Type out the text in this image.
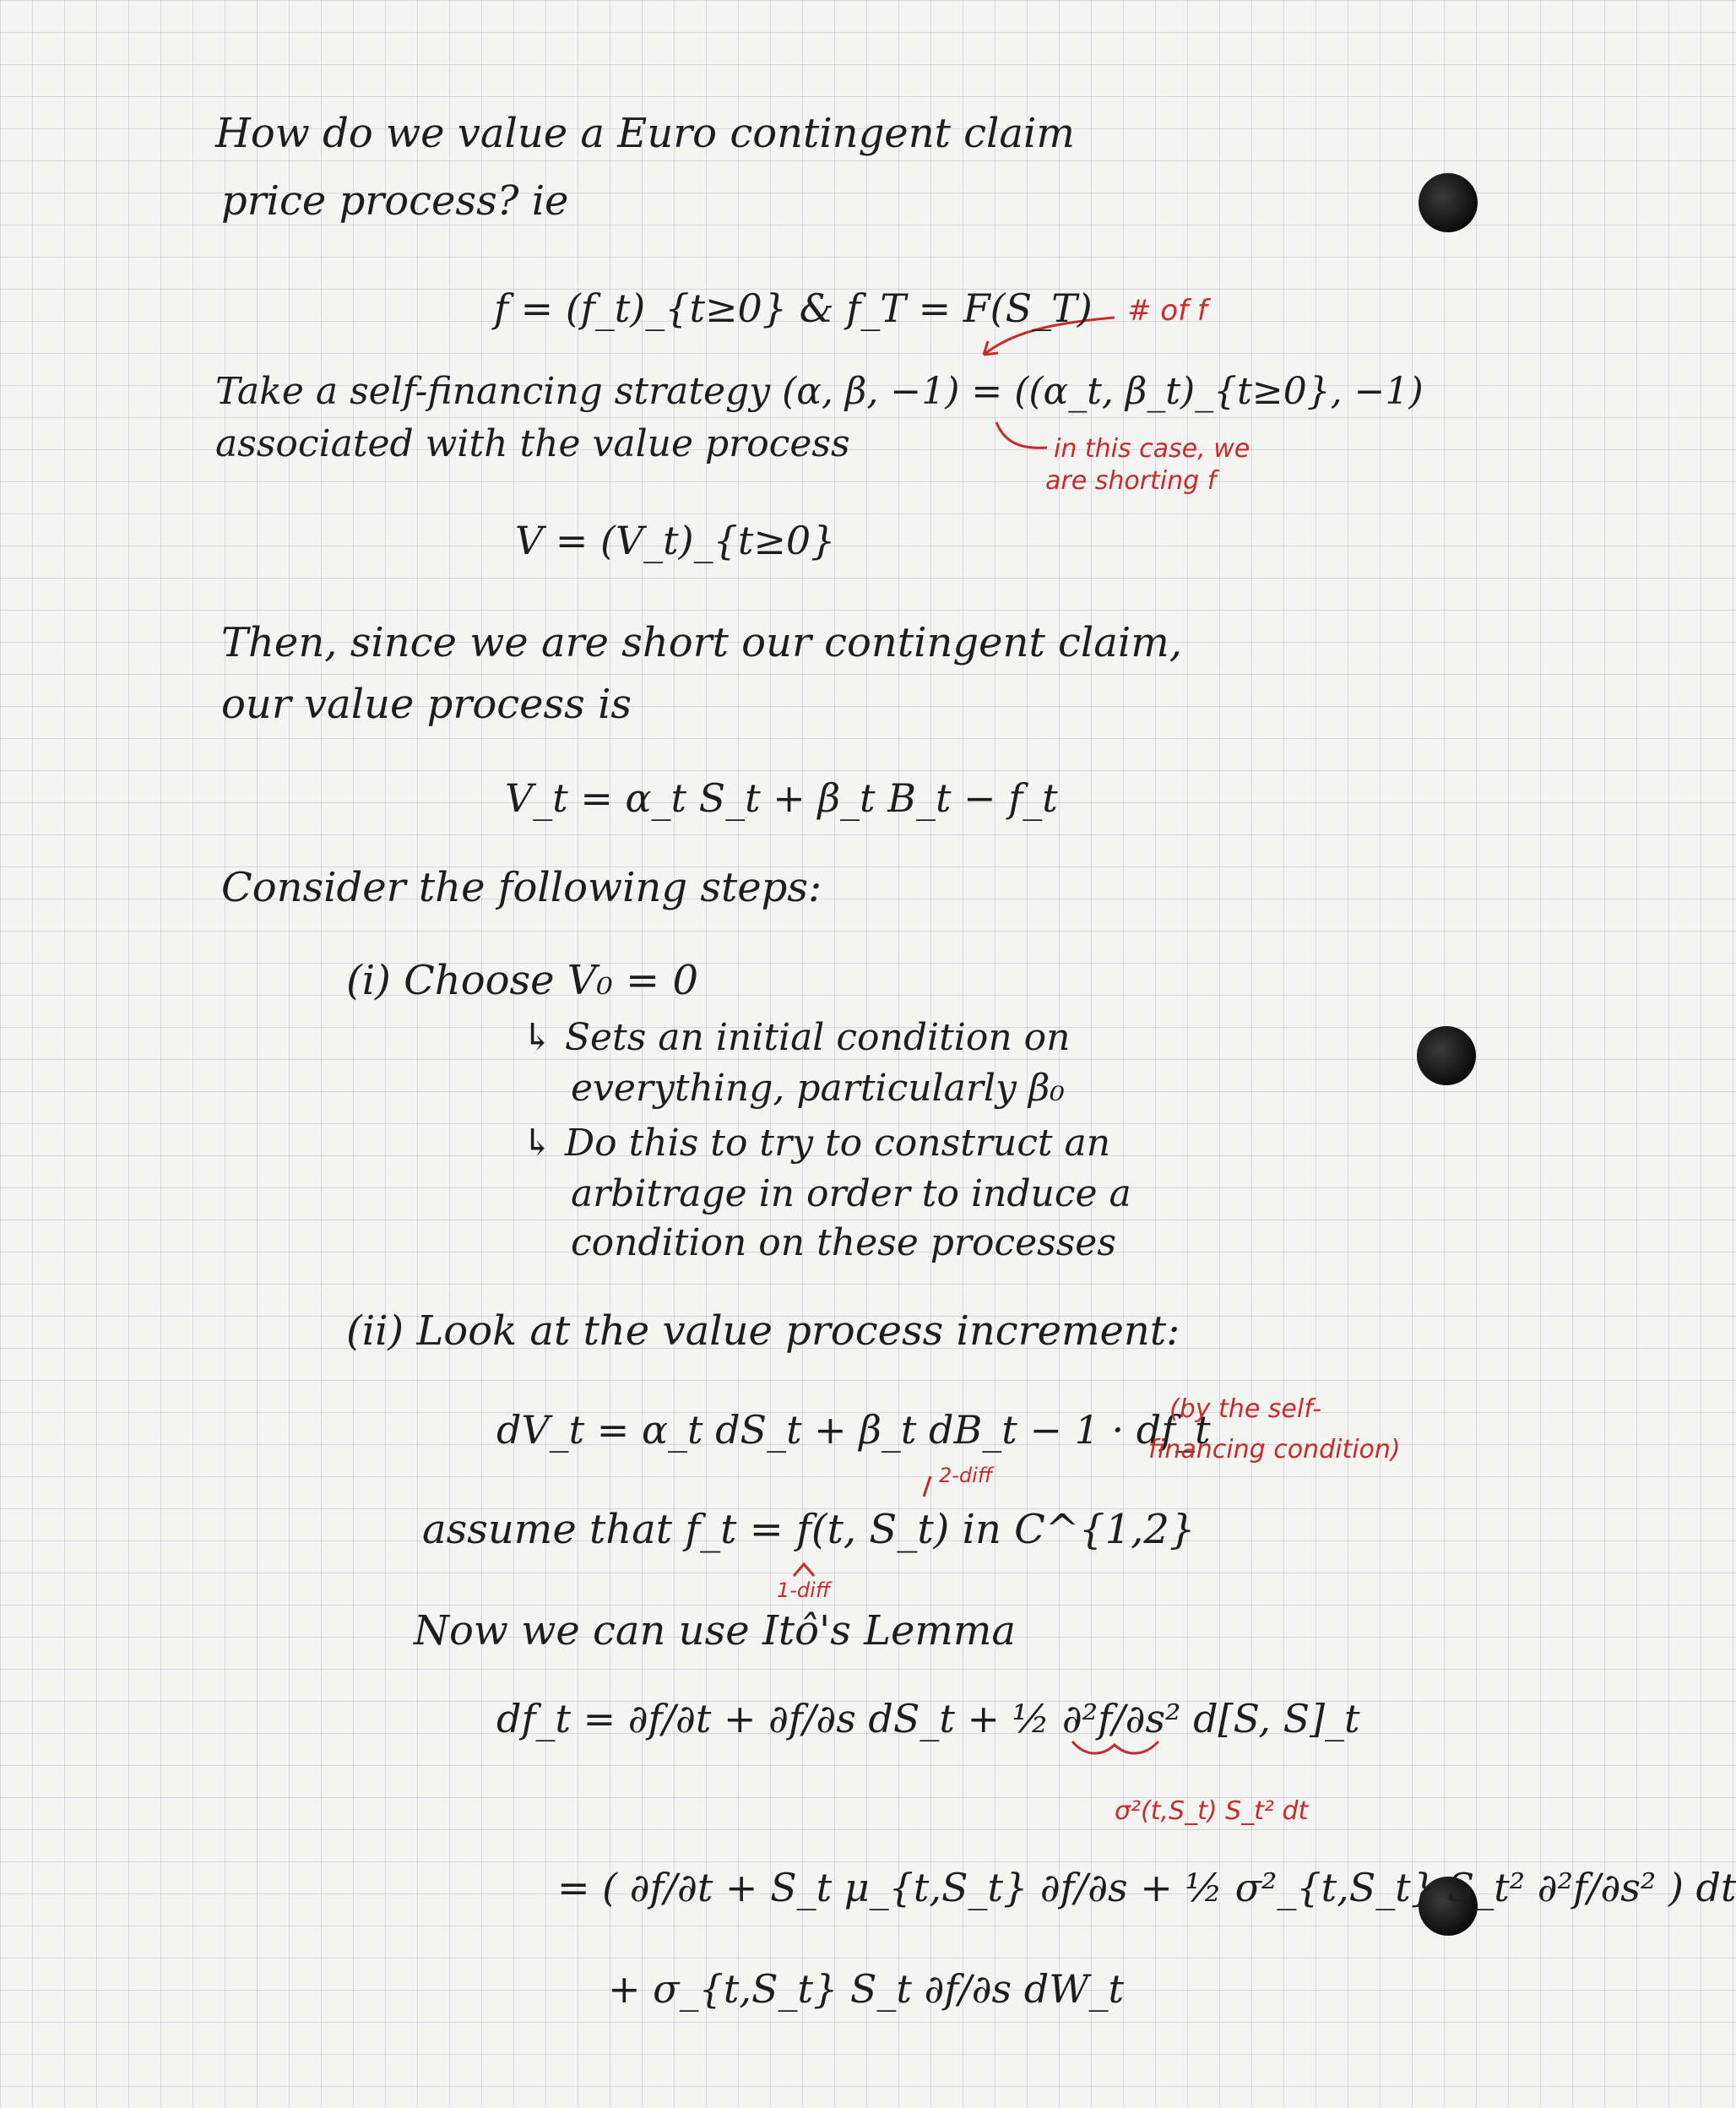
How do we value a Euro contingent claim
price process? ie
f = (f_t)_{t≥0} & f_T = F(S_T) # of f
Take a self-financing strategy (α, β, −1) = ((α_t, β_t)_{t≥0}, −1)
associated with the value process	in this case, we
are shorting f
V = (V_t)_{t≥0}
Then, since we are short our contingent claim,
our value process is
V_t = α_t S_t + β_t B_t − f_t
Consider the following steps:
(i) Choose V₀ = 0
↳ Sets an initial condition on
everything, particularly β₀
↳ Do this to try to construct an
arbitrage in order to induce a
condition on these processes
(ii) Look at the value process increment:
dV_t = α_t dS_t + β_t dB_t − 1 · df_t
(by the self-
financing condition)
2-diff
assume that f_t = f(t, S_t) in C^{1,2}
1-diff
Now we can use Itô's Lemma
df_t = ∂f/∂t + ∂f/∂s dS_t + ½ ∂²f/∂s² d[S, S]_t
σ²(t,S_t) S_t² dt
= ( ∂f/∂t + S_t μ_{t,S_t} ∂f/∂s + ½ σ²_{t,S_t} S_t² ∂²f/∂s² ) dt
+ σ_{t,S_t} S_t ∂f/∂s dW_t
